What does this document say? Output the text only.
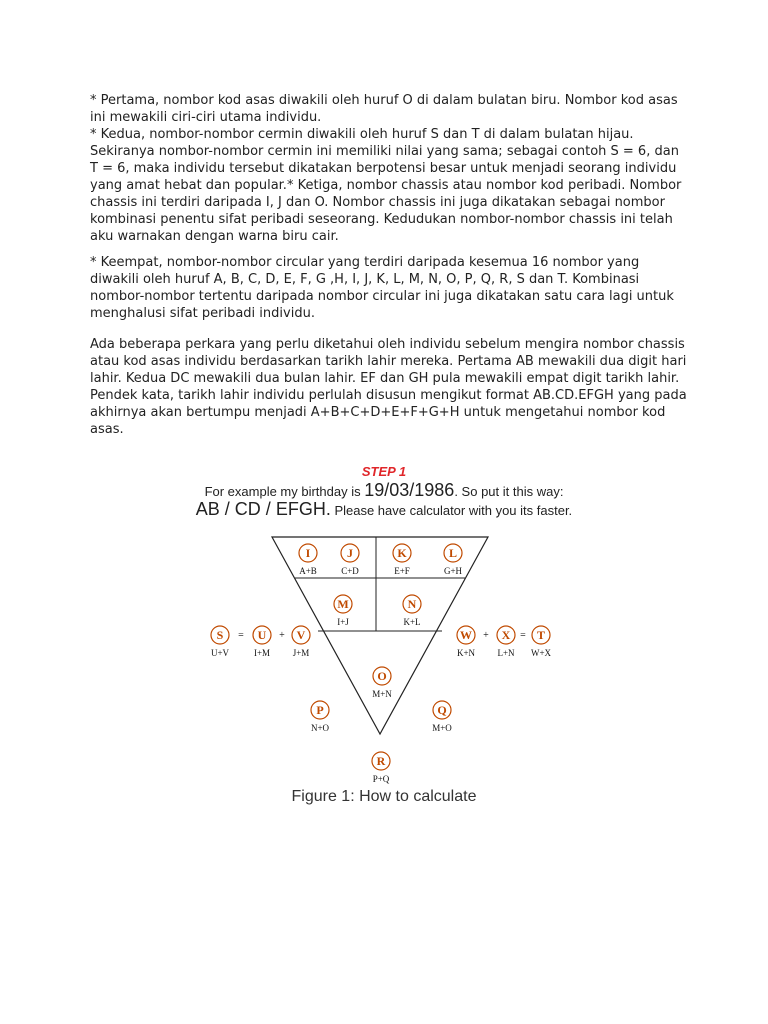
* Pertama, nombor kod asas diwakili oleh huruf O di dalam bulatan biru. Nombor kod asas ini mewakili ciri-ciri utama individu.
* Kedua, nombor-nombor cermin diwakili oleh huruf S dan T di dalam bulatan hijau. Sekiranya nombor-nombor cermin ini memiliki nilai yang sama; sebagai contoh S = 6, dan T = 6, maka individu tersebut dikatakan berpotensi besar untuk menjadi seorang individu yang amat hebat dan popular.* Ketiga, nombor chassis atau nombor kod peribadi. Nombor chassis ini terdiri daripada I, J dan O. Nombor chassis ini juga dikatakan sebagai nombor kombinasi penentu sifat peribadi seseorang. Kedudukan nombor-nombor chassis ini telah aku warnakan dengan warna biru cair.

* Keempat, nombor-nombor circular yang terdiri daripada kesemua 16 nombor yang diwakili oleh huruf A, B, C, D, E, F, G ,H, I, J, K, L, M, N, O, P, Q, R, S dan T. Kombinasi nombor-nombor tertentu daripada nombor circular ini juga dikatakan satu cara lagi untuk menghalusi sifat peribadi individu.

Ada beberapa perkara yang perlu diketahui oleh individu sebelum mengira nombor chassis atau kod asas individu berdasarkan tarikh lahir mereka. Pertama AB mewakili dua digit hari lahir. Kedua DC mewakili dua bulan lahir. EF dan GH pula mewakili empat digit tarikh lahir. Pendek kata, tarikh lahir individu perlulah disusun mengikut format AB.CD.EFGH yang pada akhirnya akan bertumpu menjadi A+B+C+D+E+F+G+H untuk mengetahui nombor kod asas.

STEP 1
For example my birthday is 19/03/1986. So put it this way:
AB / CD / EFGH. Please have calculator with you its faster.
I
A+B
J
C+D
K
E+F
L
G+H
M
I+J
N
K+L
O
M+N
S
U+V
U
I+M
V
J+M
W
K+N
X
L+N
T
W+X
P
N+O
Q
M+O
R
P+Q
=	+	+	=
Figure 1: How to calculate
